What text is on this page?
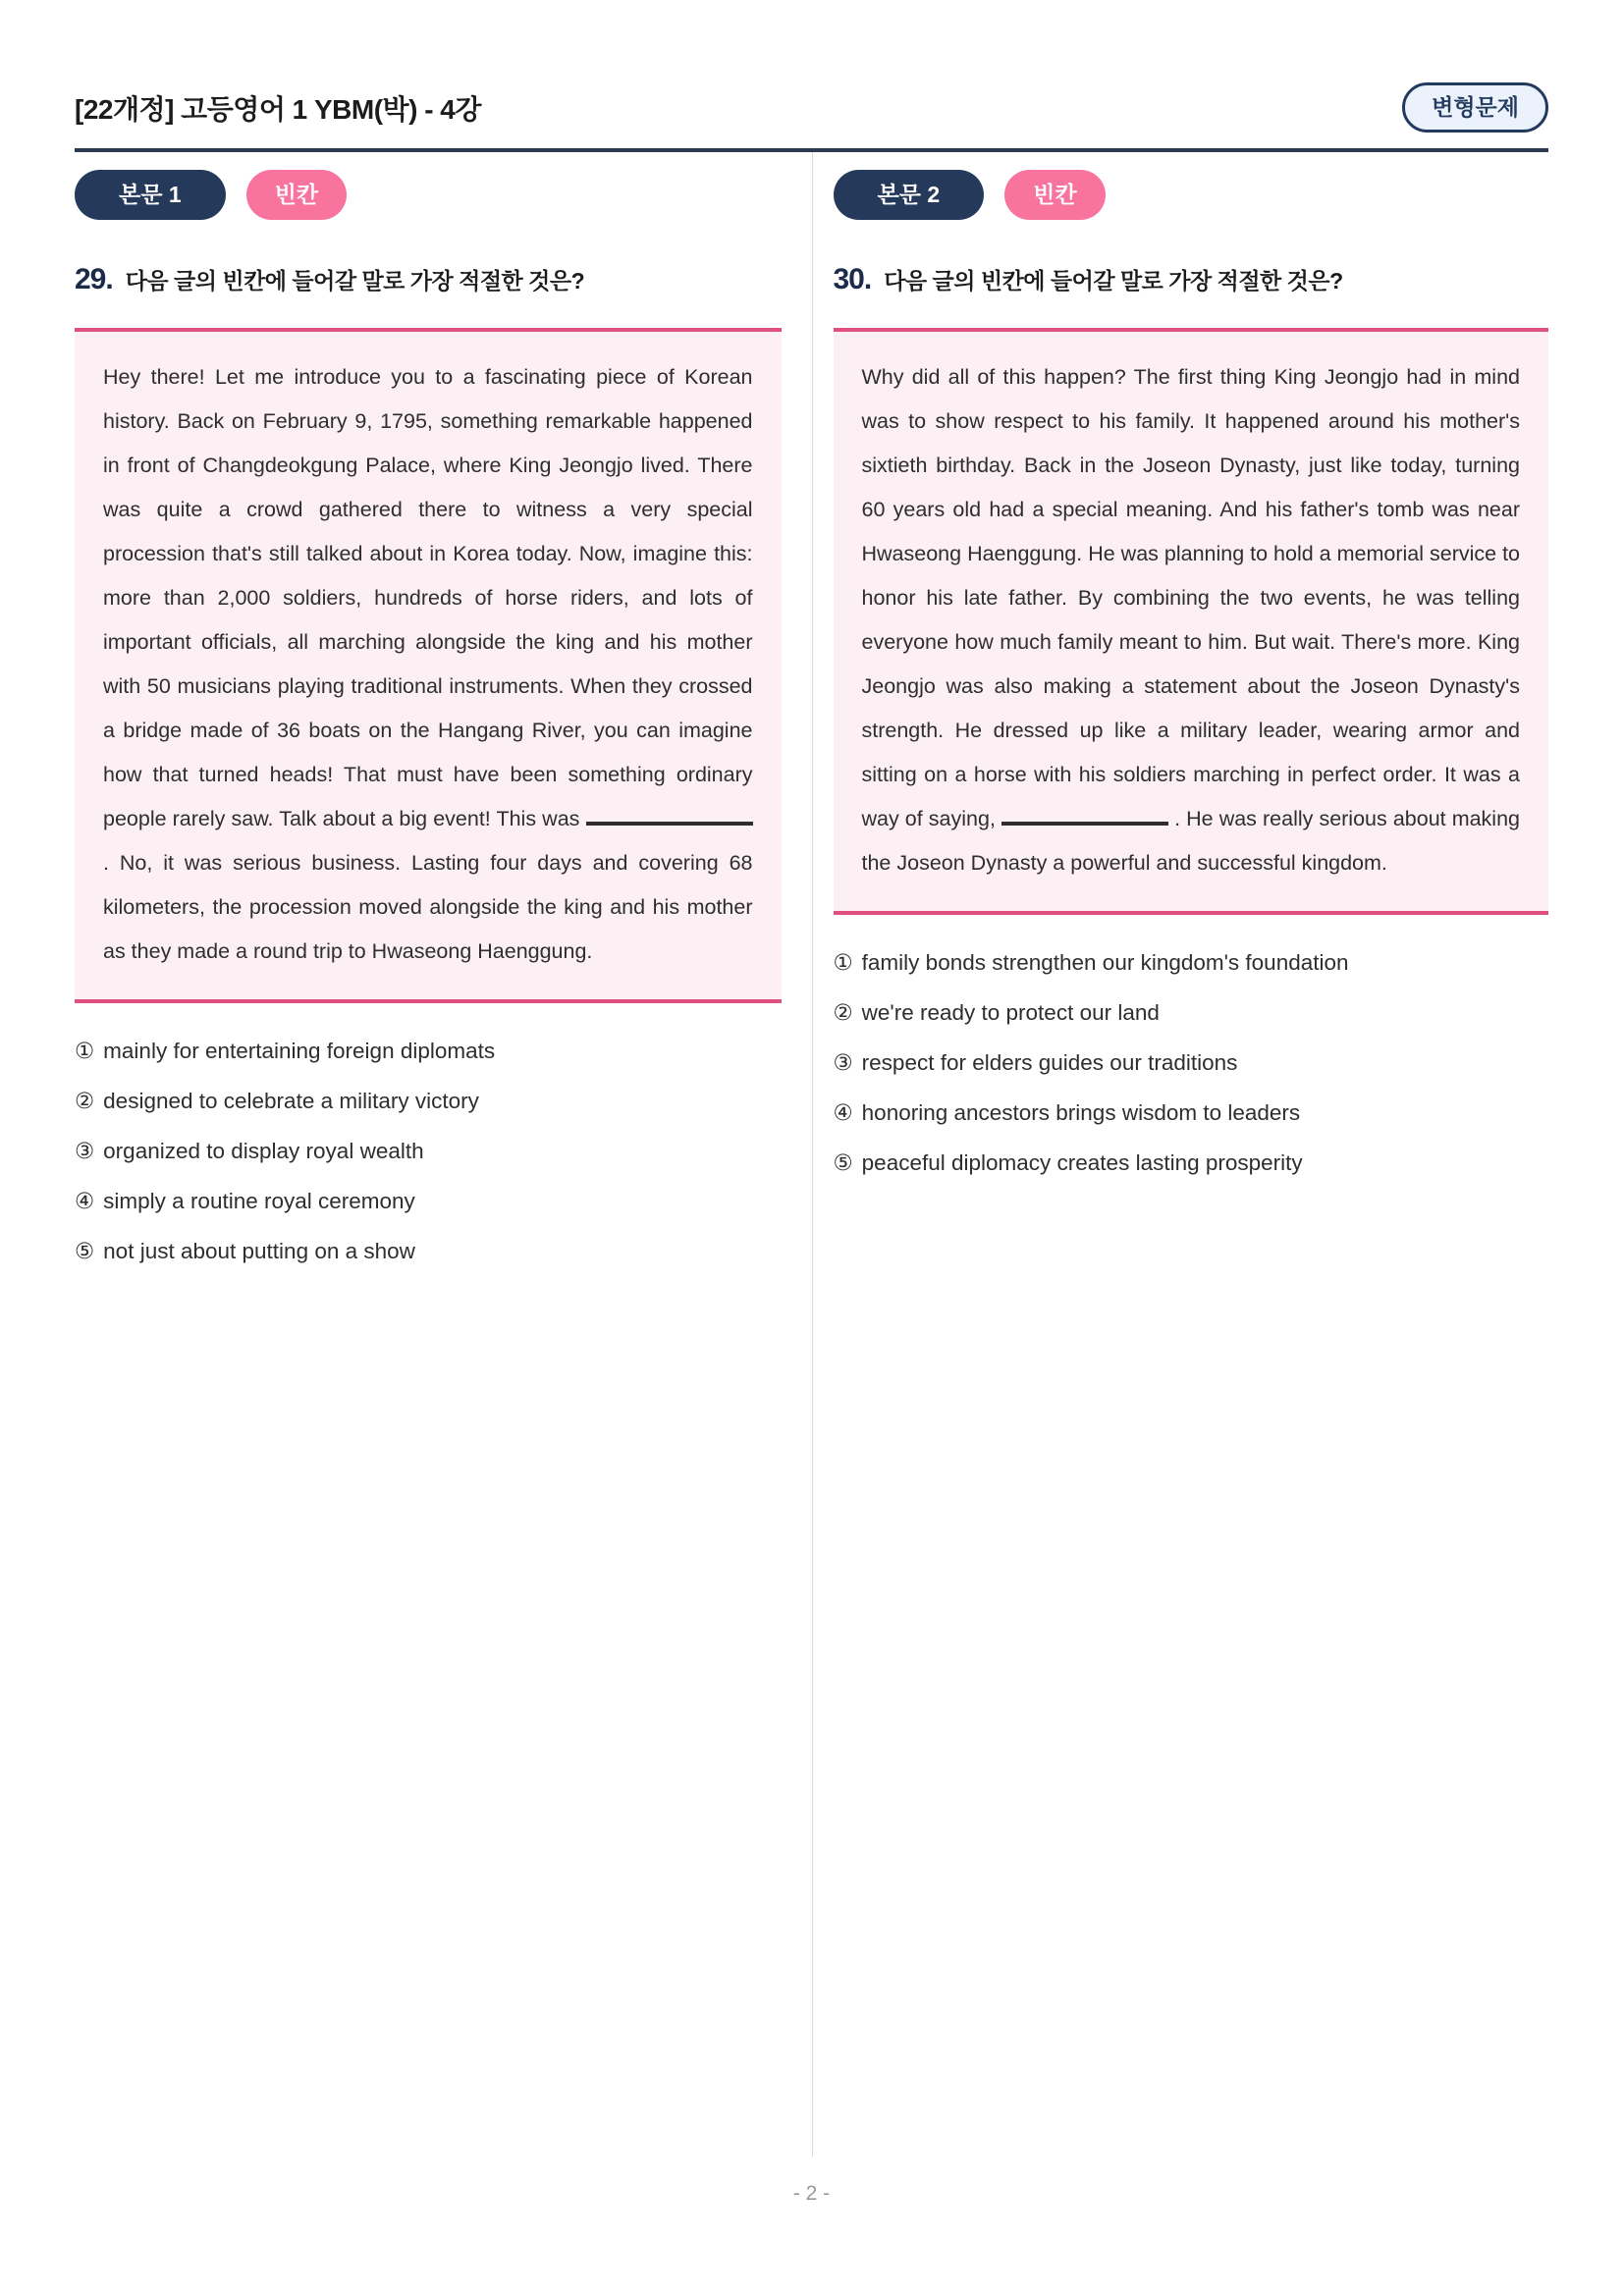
[22개정] 고등영어 1 YBM(박) - 4강	변형문제
본문 1	빈칸
29. 다음 글의 빈칸에 들어갈 말로 가장 적절한 것은?
Hey there! Let me introduce you to a fascinating piece of Korean history. Back on February 9, 1795, something remarkable happened in front of Changdeokgung Palace, where King Jeongjo lived. There was quite a crowd gathered there to witness a very special procession that's still talked about in Korea today. Now, imagine this: more than 2,000 soldiers, hundreds of horse riders, and lots of important officials, all marching alongside the king and his mother with 50 musicians playing traditional instruments. When they crossed a bridge made of 36 boats on the Hangang River, you can imagine how that turned heads! That must have been something ordinary people rarely saw. Talk about a big event! This was  . No, it was serious business. Lasting four days and covering 68 kilometers, the procession moved alongside the king and his mother as they made a round trip to Hwaseong Haenggung.
① mainly for entertaining foreign diplomats
② designed to celebrate a military victory
③ organized to display royal wealth
④ simply a routine royal ceremony
⑤ not just about putting on a show
본문 2	빈칸
30. 다음 글의 빈칸에 들어갈 말로 가장 적절한 것은?
Why did all of this happen? The first thing King Jeongjo had in mind was to show respect to his family. It happened around his mother's sixtieth birthday. Back in the Joseon Dynasty, just like today, turning 60 years old had a special meaning. And his father's tomb was near Hwaseong Haenggung. He was planning to hold a memorial service to honor his late father. By combining the two events, he was telling everyone how much family meant to him. But wait. There's more. King Jeongjo was also making a statement about the Joseon Dynasty's strength. He dressed up like a military leader, wearing armor and sitting on a horse with his soldiers marching in perfect order. It was a way of saying,	. He was really serious about making the Joseon Dynasty a powerful and successful kingdom.
① family bonds strengthen our kingdom's foundation
② we're ready to protect our land
③ respect for elders guides our traditions
④ honoring ancestors brings wisdom to leaders
⑤ peaceful diplomacy creates lasting prosperity
- 2 -
